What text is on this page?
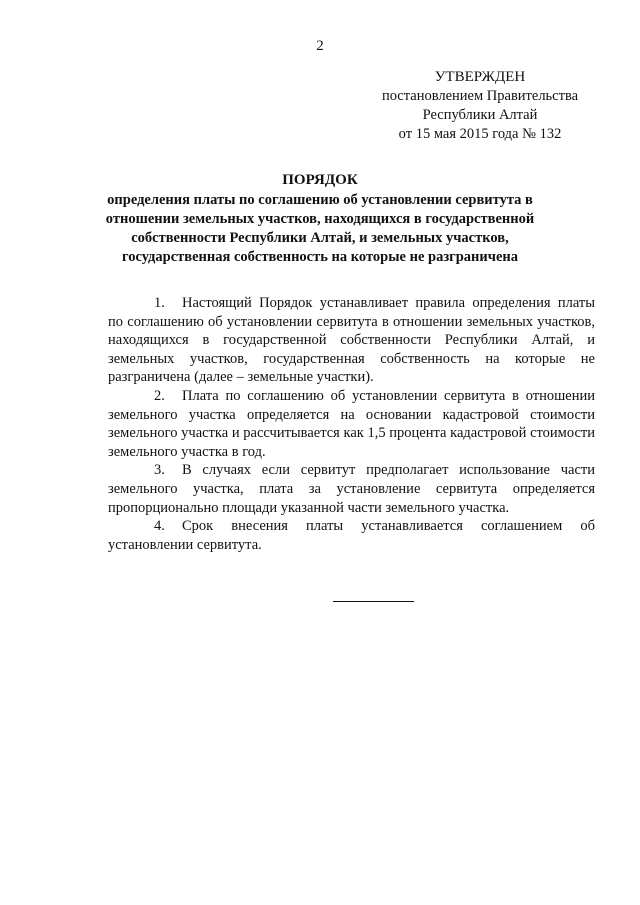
2
УТВЕРЖДЕН
постановлением Правительства
Республики Алтай
от 15 мая 2015 года № 132
ПОРЯДОК
определения платы по соглашению об установлении сервитута в
отношении земельных участков, находящихся в государственной
собственности Республики Алтай, и земельных участков,
государственная собственность на которые не разграничена

1. Настоящий Порядок устанавливает правила определения платы по соглашению об установлении сервитута в отношении земельных участков, находящихся в государственной собственности Республики Алтай, и земельных участков, государственная собственность на которые не разграничена (далее – земельные участки).

2. Плата по соглашению об установлении сервитута в отношении земельного участка определяется на основании кадастровой стоимости земельного участка и рассчитывается как 1,5 процента кадастровой стоимости земельного участка в год.

3. В случаях если сервитут предполагает использование части земельного участка, плата за установление сервитута определяется пропорционально площади указанной части земельного участка.

4. Срок внесения платы устанавливается соглашением об установлении сервитута.
